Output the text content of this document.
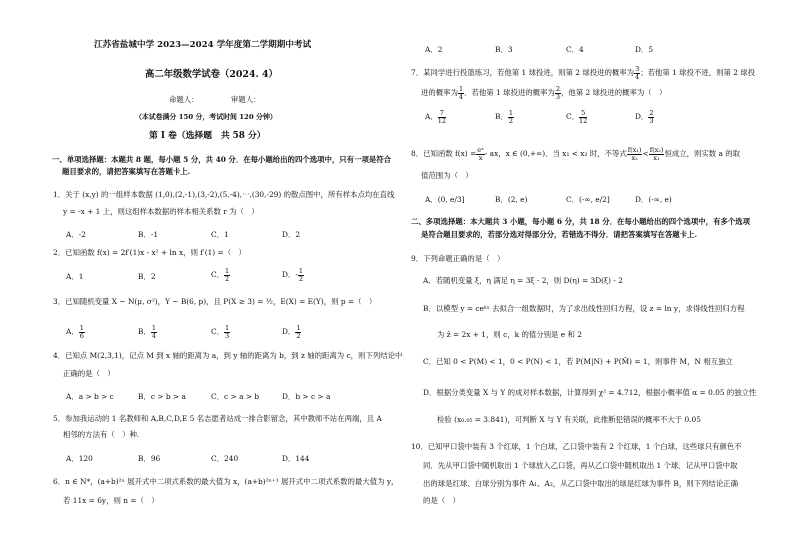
江苏省盐城中学 2023—2024 学年度第二学期期中考试
高二年级数学试卷（2024. 4）
命题人：	审题人：
（本试卷满分 150 分，考试时间 120 分钟）
第 I 卷（选择题　共 58 分）
一、单项选择题：本题共 8 题，每小题 5 分，共 40 分．在每小题给出的四个选项中，只有一项是符合
题目要求的，请把答案填写在答题卡上.
1．关于 (x,y) 的一组样本数据 (1,0),(2,-1),(3,-2),(5,-4),⋯,(30,-29) 的散点图中，所有样本点均在直线
y = -x + 1 上，则这组样本数据的样本相关系数 r 为（　）
A．-2	B．-1	C．1	D．2
2．已知函数 f(x) = 2f′(1)x - x² + ln x，则 f′(1) =（　）
A．1	B．2	C． $\frac{1}{2}$	D．- $\frac{1}{2}$
3．已知随机变量 X ~ N(μ, σ²)，Y ~ B(6, p)，且 P(X ≥ 3) = ½，E(X) = E(Y)，则 p =（　）
A． $\frac{1}{6}$	B． $\frac{1}{4}$	C． $\frac{1}{3}$	D． $\frac{1}{2}$
4．已知点 M(2,3,1)，记点 M 到 x 轴的距离为 a，到 y 轴的距离为 b，到 z 轴的距离为 c，则下列结论中
正确的是（　）
A．a > b > c	B．c > b > a	C．c > a > b	D．b > c > a
5．参加我运动的 1 名教师和 A,B,C,D,E 5 名志愿者站成一排合影留念，其中教师不站在两端，且 A
相邻的方法有（　）种.
A．120	B．96	C．240	D．144
6．n ∈ N*，(a+b)²ⁿ 展开式中二项式系数的最大值为 x，(a+b)²ⁿ⁺¹ 展开式中二项式系数的最大值为 y，
若 11x = 6y，则 n =（　）
A．2	B．3	C．4	D．5
7．某同学进行投篮练习，若他第 1 球投进，则第 2 球投进的概率为 $\frac{3}{4}$ ；若他第 1 球投不进，则第 2 球投
进的概率为 $\frac{1}{4}$ ．若他第 1 球投进的概率为 $\frac{2}{3}$ ，他第 2 球投进的概率为（　）
A． $\frac{7}{12}$	B． $\frac{1}{2}$	C． $\frac{5}{12}$	D． $\frac{2}{3}$
8．已知函数 $f(x) = \frac{\text{eˣ}}{x}$ - ax，x ∈ (0,+∞)．当 x₁ < x₂ 时，不等式 $\frac{\text{f(x₁)}}{\text{x₂}} < \frac{\text{f(x₂)}}{\text{x₁}}$ 恒成立，则实数 a 的取
值范围为（　）
A．(0, e/3]	B．(2, e)	C．(-∞, e/2]	D．(-∞, e)
二、多项选择题：本大题共 3 小题，每小题 6 分，共 18 分．在每小题给出的四个选项中，有多个选项
是符合题目要求的，若部分选对得部分分，若错选不得分．请把答案填写在答题卡上.
9．下列命题正确的是（　）
A．若随机变量 ξ，η 满足 η = 3ξ - 2，则 D(η) = 3D(ξ) - 2
B．以模型 y = ceᵏˣ 去拟合一组数据时，为了求出线性回归方程，设 z = ln y，求得线性回归方程
为 ẑ = 2x + 1，则 c，k 的值分别是 e 和 2
C．已知 0 < P(M) < 1，0 < P(N) < 1，若 P(M|N) + P(M̄) = 1，则事件 M，N 相互独立
D．根据分类变量 X 与 Y 的成对样本数据，计算得到 χ² = 4.712，根据小概率值 α = 0.05 的独立性
检验 (x₀.₀₅ = 3.841)，可判断 X 与 Y 有关联，此推断犯错误的概率不大于 0.05
10．已知甲口袋中装有 3 个红球，1 个白球，乙口袋中装有 2 个红球，1 个白球，这些球只有颜色不
同．先从甲口袋中随机取出 1 个球放入乙口袋，再从乙口袋中随机取出 1 个球．记从甲口袋中取
出的球是红球、白球分别为事件 A₁、A₂，从乙口袋中取出的球是红球为事件 B，则下列结论正确
的是（　）
